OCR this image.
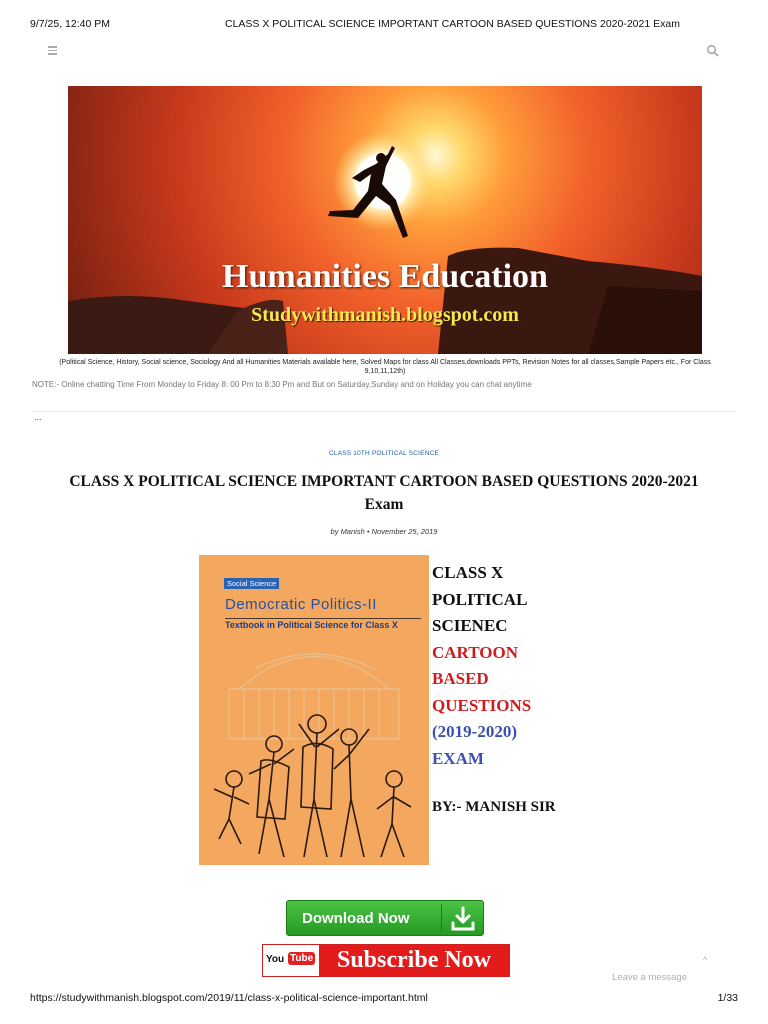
9/7/25, 12:40 PM	CLASS X POLITICAL SCIENCE IMPORTANT CARTOON BASED QUESTIONS 2020-2021 Exam
Humanities Education
Studywithmanish.blogspot.com
(Political Science, History, Social science, Sociology And all Humanities Materials available here, Solved Maps for class All Classes,downloads PPTs, Revision Notes for all classes,Sample Papers etc., For Class 9,10,11,12th)
NOTE:- Online chatting Time From Monday to Friday 8: 00 Pm to 8:30 Pm and But on Saturday,Sunday and on Holiday you can chat anytime
...
CLASS 10TH POLITICAL SCIENCE
CLASS X POLITICAL SCIENCE IMPORTANT CARTOON BASED QUESTIONS 2020-2021 Exam
by Manish • November 25, 2019
Social Science
Democratic Politics-II
Textbook in Political Science for Class X
CLASS X
POLITICAL
SCIENEC
CARTOON
BASED
QUESTIONS
(2019-2020)
EXAM
BY:- MANISH SIR
Download Now
You Tube Subscribe Now	^
Leave a message
https://studywithmanish.blogspot.com/2019/11/class-x-political-science-important.html	1/33
